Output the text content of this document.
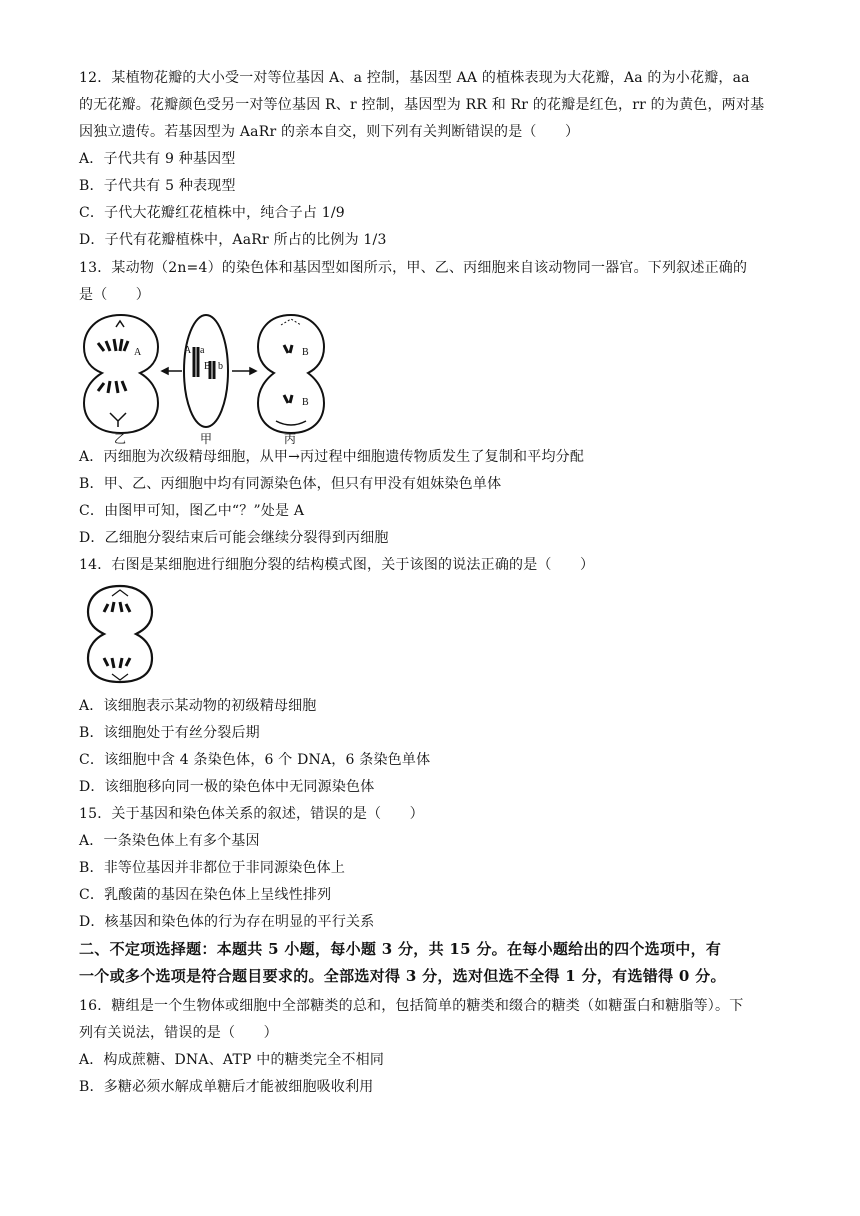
12．某植物花瓣的大小受一对等位基因 A、a 控制，基因型 AA 的植株表现为大花瓣，Aa 的为小花瓣，aa
的无花瓣。花瓣颜色受另一对等位基因 R、r 控制，基因型为 RR 和 Rr 的花瓣是红色，rr 的为黄色，两对基
因独立遗传。若基因型为 AaRr 的亲本自交，则下列有关判断错误的是（　　）
A．子代共有 9 种基因型
B．子代共有 5 种表现型
C．子代大花瓣红花植株中，纯合子占 1/9
D．子代有花瓣植株中，AaRr 所占的比例为 1/3
13．某动物（2n=4）的染色体和基因型如图所示，甲、乙、丙细胞来自该动物同一器官。下列叙述正确的
是（　　）
A	A a
B b
B
B
乙	甲	丙
A．丙细胞为次级精母细胞，从甲→丙过程中细胞遗传物质发生了复制和平均分配
B．甲、乙、丙细胞中均有同源染色体，但只有甲没有姐妹染色单体
C．由图甲可知，图乙中“？”处是 A
D．乙细胞分裂结束后可能会继续分裂得到丙细胞
14．右图是某细胞进行细胞分裂的结构模式图，关于该图的说法正确的是（　　）
A．该细胞表示某动物的初级精母细胞
B．该细胞处于有丝分裂后期
C．该细胞中含 4 条染色体，6 个 DNA，6 条染色单体
D．该细胞移向同一极的染色体中无同源染色体
15．关于基因和染色体关系的叙述，错误的是（　　）
A．一条染色体上有多个基因
B．非等位基因并非都位于非同源染色体上
C．乳酸菌的基因在染色体上呈线性排列
D．核基因和染色体的行为存在明显的平行关系
二、不定项选择题：本题共 5 小题，每小题 3 分，共 15 分。在每小题给出的四个选项中，有
一个或多个选项是符合题目要求的。全部选对得 3 分，选对但选不全得 1 分，有选错得 0 分。
16．糖组是一个生物体或细胞中全部糖类的总和，包括简单的糖类和缀合的糖类（如糖蛋白和糖脂等）。下
列有关说法，错误的是（　　）
A．构成蔗糖、DNA、ATP 中的糖类完全不相同
B．多糖必须水解成单糖后才能被细胞吸收利用
